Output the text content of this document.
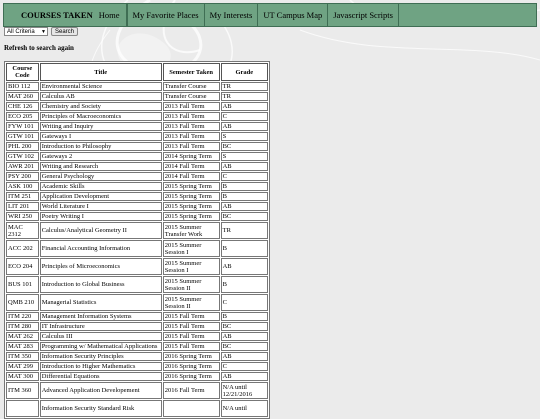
COURSES TAKEN Home	My Favorite Places	My Interests	UT Campus Map	Javascript Scripts
All Criteria ▼	Search
Refresh to search again
Course Code	Title	Semester Taken	Grade
BIO 112	Environmental Science	Transfer Course	TR
MAT 260	Calculus AB	Transfer Course	TR
CHE 126	Chemistry and Society	2013 Fall Term	AB
ECO 205	Principles of Macroeconomics	2013 Fall Term	C
FYW 101	Writing and Inquiry	2013 Fall Term	AB
GTW 101	Gateways I	2013 Fall Term	S
PHL 200	Introduction to Philosophy	2013 Fall Term	BC
GTW 102	Gateways 2	2014 Spring Term	S
AWR 201	Writing and Research	2014 Fall Term	AB
PSY 200	General Psychology	2014 Fall Term	C
ASK 100	Academic Skills	2015 Spring Term	B
ITM 251	Application Development	2015 Spring Term	B
LIT 201	World Literature I	2015 Spring Term	AB
WRI 250	Poetry Writing I	2015 Spring Term	BC
MAC 2312	Calculus/Analytical Geometry II	2015 Summer Transfer Work	TR
ACC 202	Financial Accounting Information	2015 Summer Session I	B
ECO 204	Principles of Microeconomics	2015 Summer Session I	AB
BUS 101	Introduction to Global Business	2015 Summer Session II	B
QMB 210	Managerial Statistics	2015 Summer Session II	C
ITM 220	Management Information Systems	2015 Fall Term	B
ITM 280	IT Infrastructure	2015 Fall Term	BC
MAT 262	Calculus III	2015 Fall Term	AB
MAT 283	Programming w/ Mathematical Applications	2015 Fall Term	BC
ITM 350	Information Security Principles	2016 Spring Term	AB
MAT 299	Introduction to Higher Mathematics	2016 Spring Term	C
MAT 300	Differential Equations	2016 Spring Term	AB
ITM 360	Advanced Application Developement	2016 Fall Term	N/A until 12/21/2016
	Information Security Standard Risk		N/A until
